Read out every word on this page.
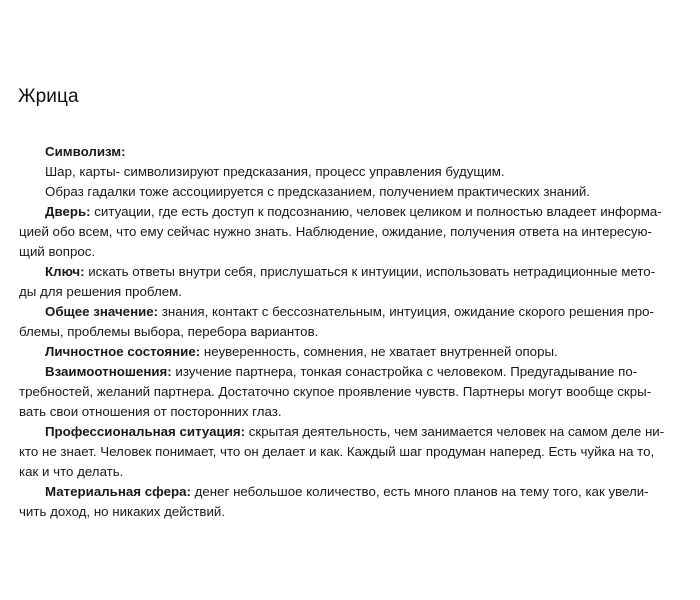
Жрица

Символизм:

Шар, карты- символизируют предсказания, процесс управления будущим.

Образ гадалки тоже ассоциируется с предсказанием, получением практических знаний.

Дверь: ситуации, где есть доступ к подсознанию, человек целиком и полностью владеет информа-

цией обо всем, что ему сейчас нужно знать. Наблюдение, ожидание, получения ответа на интересую-

щий вопрос.

Ключ: искать ответы внутри себя, прислушаться к интуиции, использовать нетрадиционные мето-

ды для решения проблем.

Общее значение: знания, контакт с бессознательным, интуиция, ожидание скорого решения про-

блемы, проблемы выбора, перебора вариантов.

Личностное состояние: неуверенность, сомнения, не хватает внутренней опоры.

Взаимоотношения: изучение партнера, тонкая сонастройка с человеком. Предугадывание по-

требностей, желаний партнера. Достаточно скупое проявление чувств. Партнеры могут вообще скры-

вать свои отношения от посторонних глаз.

Профессиональная ситуация: скрытая деятельность, чем занимается человек на самом деле ни-

кто не знает. Человек понимает, что он делает и как. Каждый шаг продуман наперед. Есть чуйка на то,

как и что делать.

Материальная сфера: денег небольшое количество, есть много планов на тему того, как увели-

чить доход, но никаких действий.
